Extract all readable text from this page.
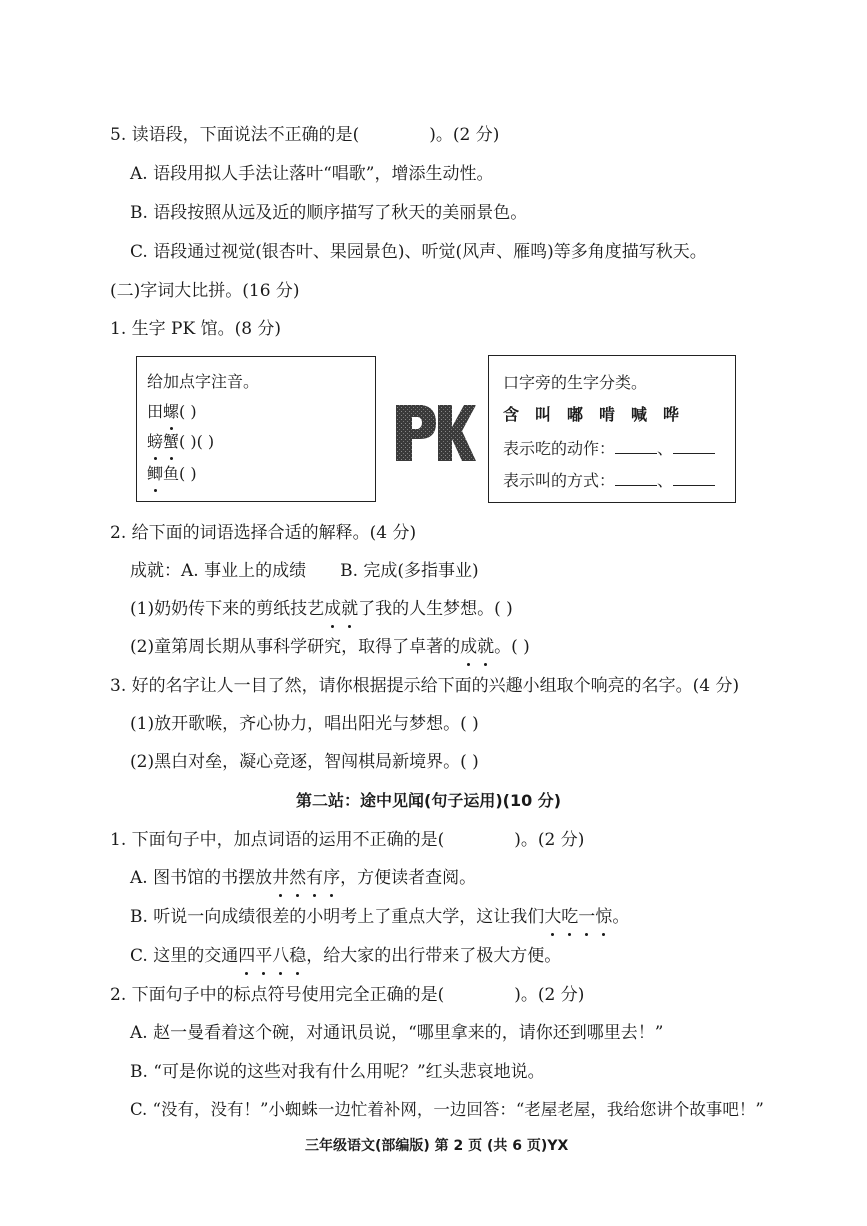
5. 读语段，下面说法不正确的是(	)。(2 分)
A. 语段用拟人手法让落叶“唱歌”，增添生动性。
B. 语段按照从远及近的顺序描写了秋天的美丽景色。
C. 语段通过视觉(银杏叶、果园景色)、听觉(风声、雁鸣)等多角度描写秋天。
(二)字词大比拼。(16 分)
1. 生字 PK 馆。(8 分)
给加点字注音。
田螺
( )
螃蟹
( )( )
鲫鱼
( )
口字旁的生字分类。
含　叫　嘟　啃　喊　哗
表示吃的动作：	、
表示叫的方式：	、
2. 给下面的词语选择合适的解释。(4 分)
成就：A. 事业上的成绩　　B. 完成(多指事业)
(1)奶奶传下来的剪纸技艺成就
了我的人生梦想。( )
(2)童第周长期从事科学研究，取得了卓著的成就
。( )
3. 好的名字让人一目了然，请你根据提示给下面的兴趣小组取个响亮的名字。(4 分)
(1)放开歌喉，齐心协力，唱出阳光与梦想。( )
(2)黑白对垒，凝心竞逐，智闯棋局新境界。( )
第二站：途中见闻(句子运用)(10 分)
1. 下面句子中，加点词语的运用不正确的是(	)。(2 分)
A. 图书馆的书摆放井然有序
，方便读者查阅。
B. 听说一向成绩很差的小明考上了重点大学，这让我们大吃一惊
。
C. 这里的交通四平八稳
，给大家的出行带来了极大方便。
2. 下面句子中的标点符号使用完全正确的是(	)。(2 分)
A. 赵一曼看着这个碗，对通讯员说，“哪里拿来的，请你还到哪里去！”
B. “可是你说的这些对我有什么用呢？”红头悲哀地说。
C. “没有，没有！”小蜘蛛一边忙着补网，一边回答：“老屋老屋，我给您讲个故事吧！”
三年级语文(部编版) 第 2 页 (共 6 页)YX
